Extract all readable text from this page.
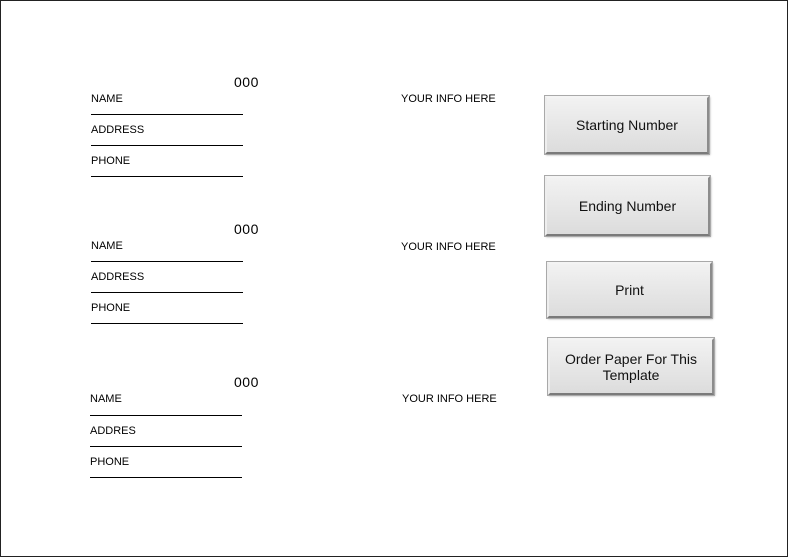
000
NAME
ADDRESS
PHONE
YOUR INFO HERE
000
NAME
ADDRESS
PHONE
YOUR INFO HERE
000
NAME
ADDRES
PHONE
YOUR INFO HERE
Starting Number
Ending Number
Print
Order Paper For This Template
